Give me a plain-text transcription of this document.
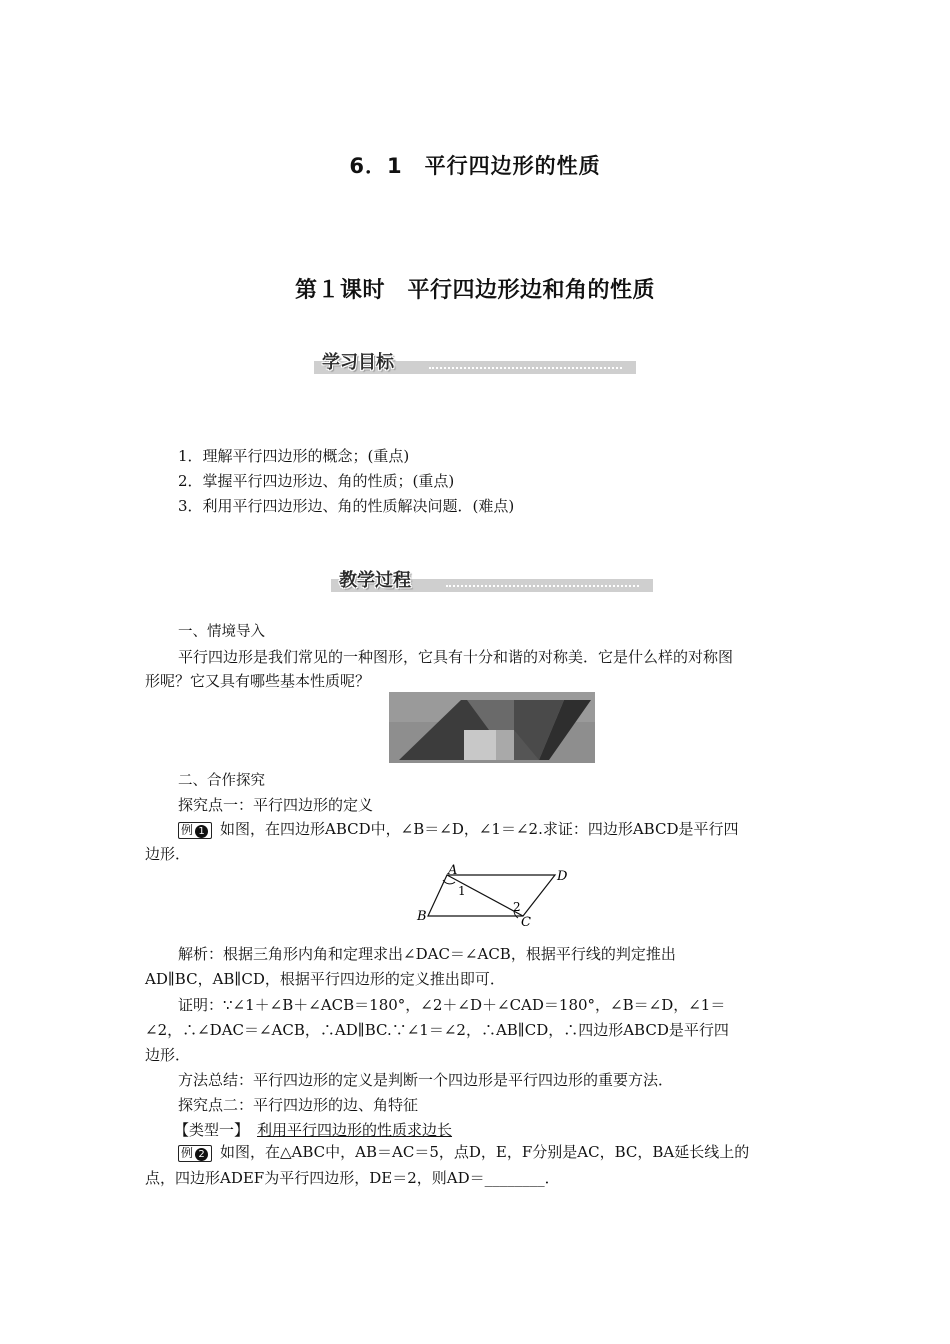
6．1　平行四边形的性质
第１课时　平行四边形边和角的性质
学习目标
1．理解平行四边形的概念；(重点)
2．掌握平行四边形边、角的性质；(重点)
3．利用平行四边形边、角的性质解决问题．(难点)
教学过程
一、情境导入
平行四边形是我们常见的一种图形，它具有十分和谐的对称美．它是什么样的对称图
形呢？它又具有哪些基本性质呢？
二、合作探究
探究点一：平行四边形的定义
例 1 如图，在四边形ABCD中，∠B＝∠D，∠1＝∠2.求证：四边形ABCD是平行四
边形．
A	D
B	C
1
2
解析：根据三角形内角和定理求出∠DAC＝∠ACB，根据平行线的判定推出
AD∥BC，AB∥CD，根据平行四边形的定义推出即可．
证明：∵∠1＋∠B＋∠ACB＝180°，∠2＋∠D＋∠CAD＝180°，∠B＝∠D，∠1＝
∠2，∴∠DAC＝∠ACB，∴AD∥BC.∵∠1＝∠2，∴AB∥CD，∴四边形ABCD是平行四
边形．
方法总结：平行四边形的定义是判断一个四边形是平行四边形的重要方法．
探究点二：平行四边形的边、角特征
【类型一】 利用平行四边形的性质求边长
例 2 如图，在△ABC中，AB＝AC＝5，点D，E，F分别是AC，BC，BA延长线上的
点，四边形ADEF为平行四边形，DE＝2，则AD＝________．
